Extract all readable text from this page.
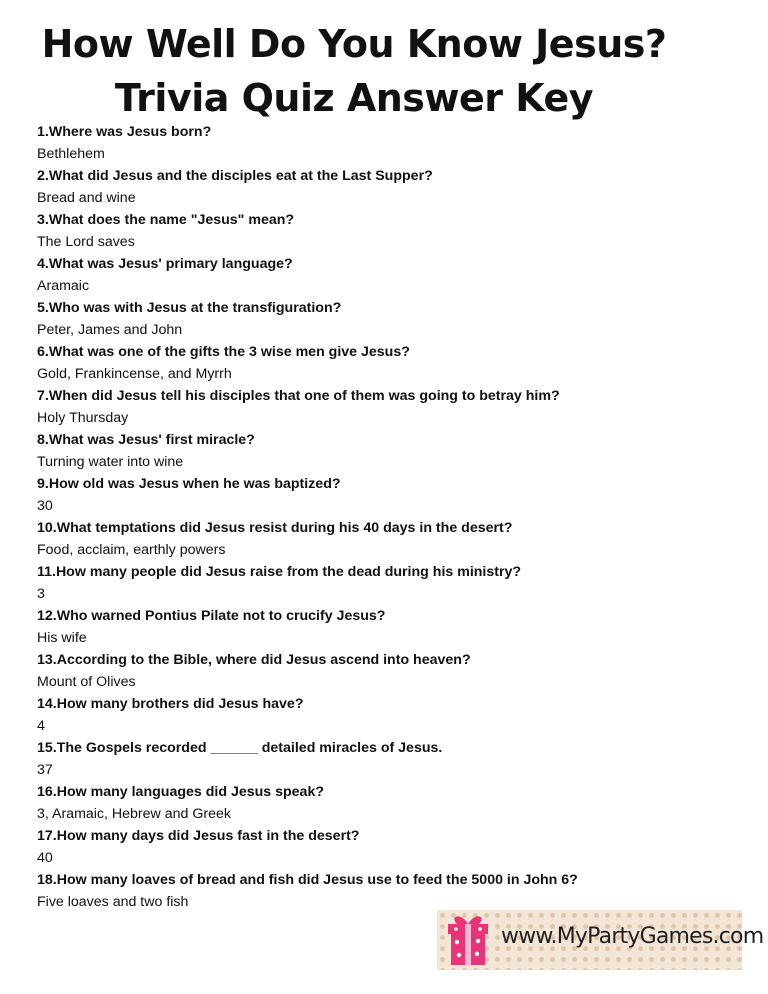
How Well Do You Know Jesus?
Trivia Quiz Answer Key
1.Where was Jesus born?
Bethlehem
2.What did Jesus and the disciples eat at the Last Supper?
Bread and wine
3.What does the name "Jesus" mean?
The Lord saves
4.What was Jesus' primary language?
Aramaic
5.Who was with Jesus at the transfiguration?
Peter, James and John
6.What was one of the gifts the 3 wise men give Jesus?
Gold, Frankincense, and Myrrh
7.When did Jesus tell his disciples that one of them was going to betray him?
Holy Thursday
8.What was Jesus' first miracle?
Turning water into wine
9.How old was Jesus when he was baptized?
30
10.What temptations did Jesus resist during his 40 days in the desert?
Food, acclaim, earthly powers
11.How many people did Jesus raise from the dead during his ministry?
3
12.Who warned Pontius Pilate not to crucify Jesus?
His wife
13.According to the Bible, where did Jesus ascend into heaven?
Mount of Olives
14.How many brothers did Jesus have?
4
15.The Gospels recorded ______ detailed miracles of Jesus.
37
16.How many languages did Jesus speak?
3, Aramaic, Hebrew and Greek
17.How many days did Jesus fast in the desert?
40
18.How many loaves of bread and fish did Jesus use to feed the 5000 in John 6?
Five loaves and two fish
www.MyPartyGames.com
